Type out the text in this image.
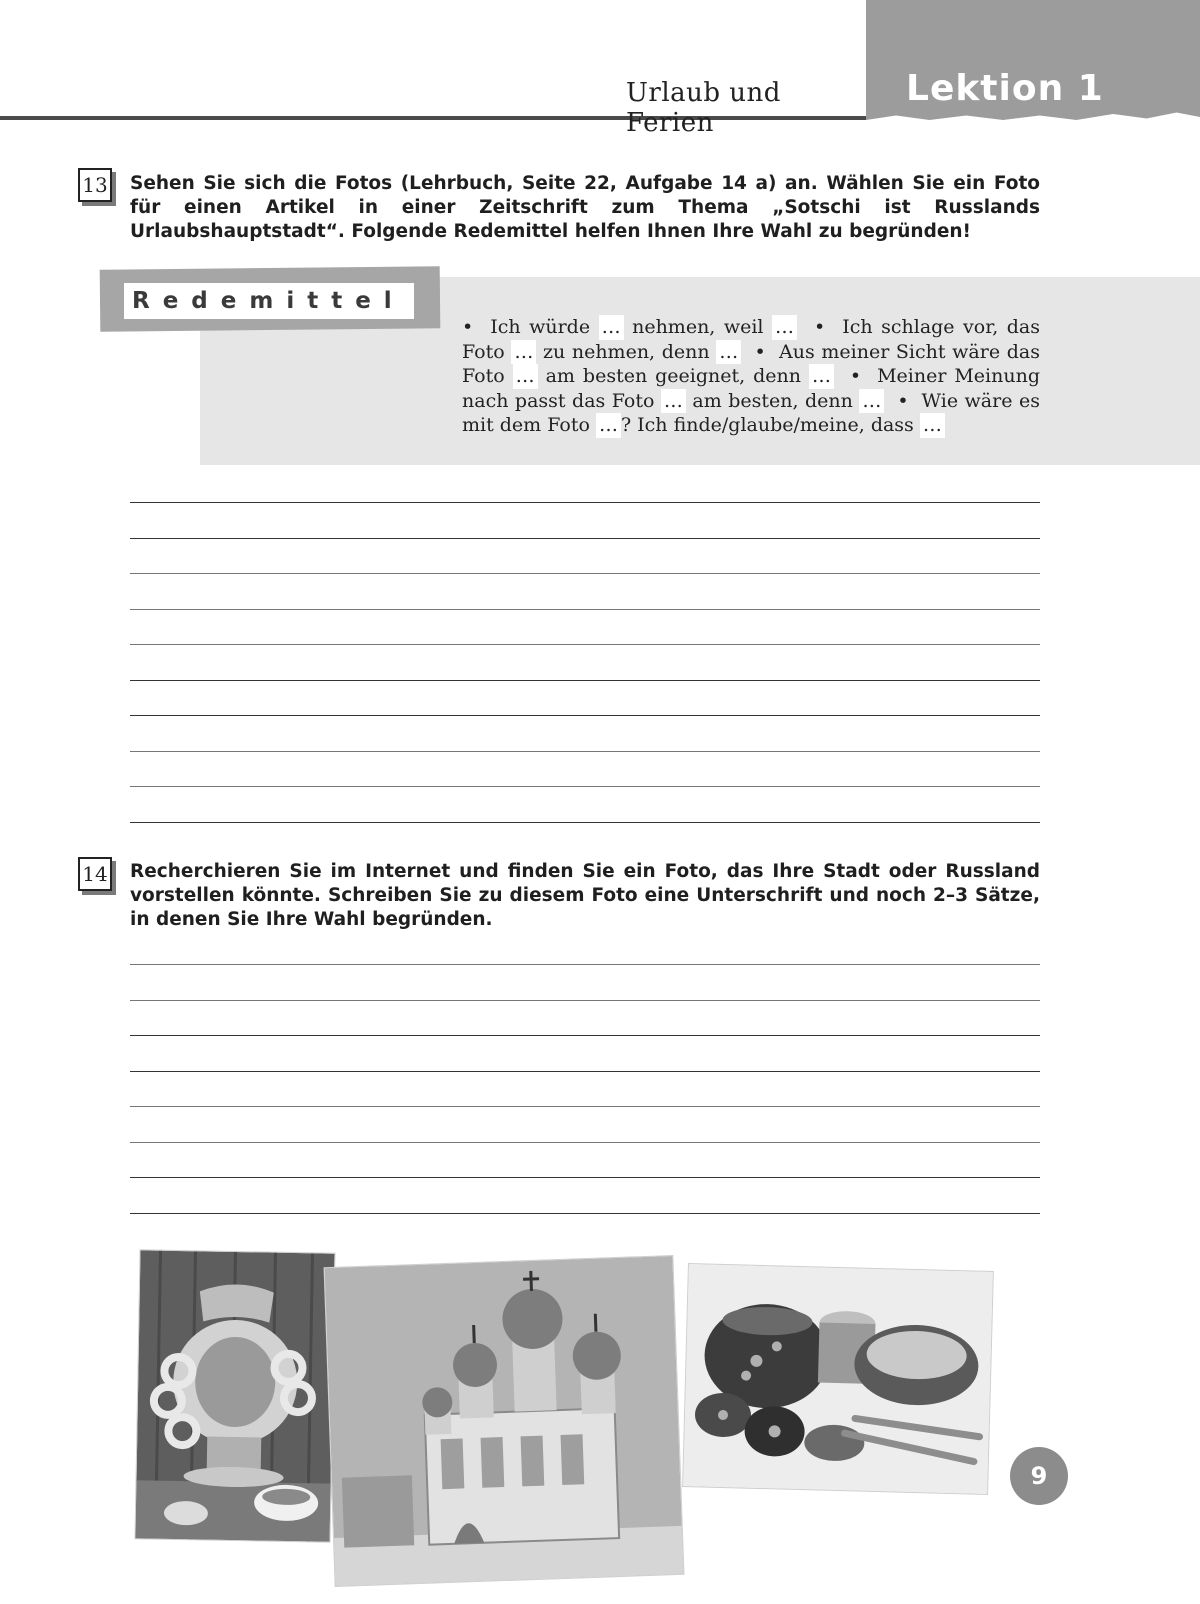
Urlaub und Ferien
Lektion 1
13 Sehen Sie sich die Fotos (Lehrbuch, Seite 22, Aufgabe 14 a) an. Wählen Sie ein Foto für einen Artikel in einer Zeitschrift zum Thema „Sotschi ist Russlands Urlaubshauptstadt“. Folgende Redemittel helfen Ihnen Ihre Wahl zu begründen!
Redemittel
• Ich würde … nehmen, weil … • Ich schlage vor, das Foto … zu nehmen, denn … • Aus meiner Sicht wäre das Foto … am besten geeignet, denn … • Meiner Meinung nach passt das Foto … am besten, denn … • Wie wäre es mit dem Foto … ? Ich finde/glaube/meine, dass …
14 Recherchieren Sie im Internet und finden Sie ein Foto, das Ihre Stadt oder Russland vorstellen könnte. Schreiben Sie zu diesem Foto eine Unterschrift und noch 2–3 Sätze, in denen Sie Ihre Wahl begründen.
9
